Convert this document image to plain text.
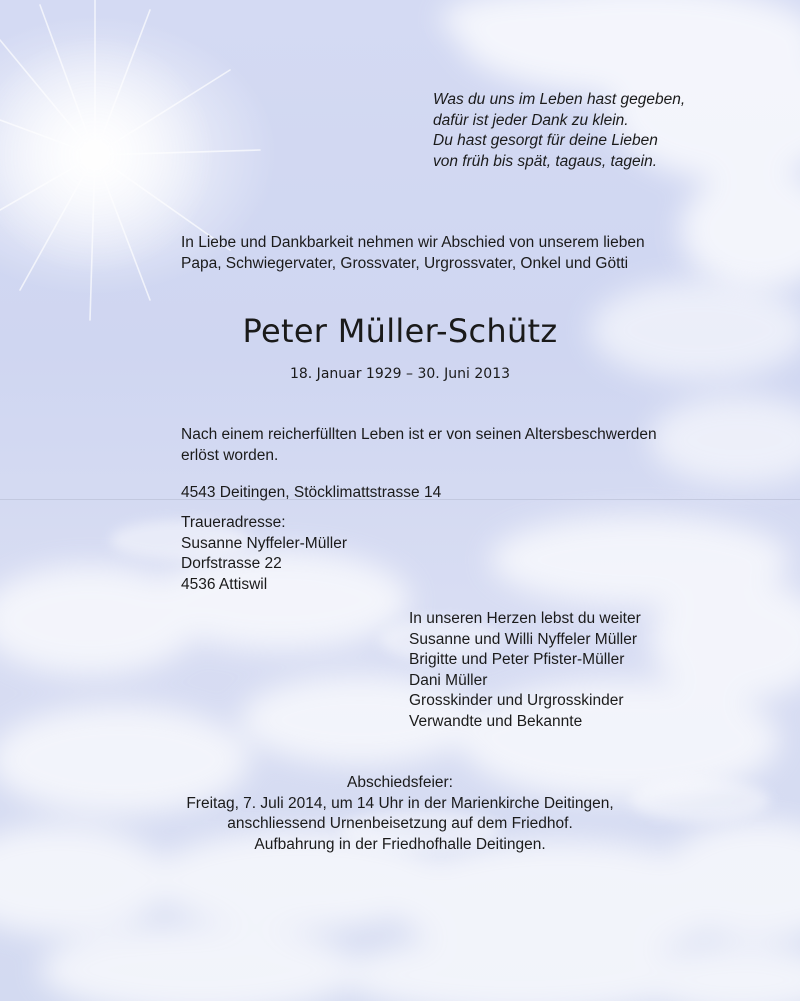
Was du uns im Leben hast gegeben,
dafür ist jeder Dank zu klein.
Du hast gesorgt für deine Lieben
von früh bis spät, tagaus, tagein.
In Liebe und Dankbarkeit nehmen wir Abschied von unserem lieben
Papa, Schwiegervater, Grossvater, Urgrossvater, Onkel und Götti
Peter Müller-Schütz
18. Januar 1929 – 30. Juni 2013
Nach einem reicherfüllten Leben ist er von seinen Altersbeschwerden
erlöst worden.
4543 Deitingen, Stöcklimattstrasse 14
Traueradresse:
Susanne Nyffeler-Müller
Dorfstrasse 22
4536 Attiswil
In unseren Herzen lebst du weiter
Susanne und Willi Nyffeler Müller
Brigitte und Peter Pfister-Müller
Dani Müller
Grosskinder und Urgrosskinder
Verwandte und Bekannte
Abschiedsfeier:
Freitag, 7. Juli 2014, um 14 Uhr in der Marienkirche Deitingen,
anschliessend Urnenbeisetzung auf dem Friedhof.
Aufbahrung in der Friedhofhalle Deitingen.
